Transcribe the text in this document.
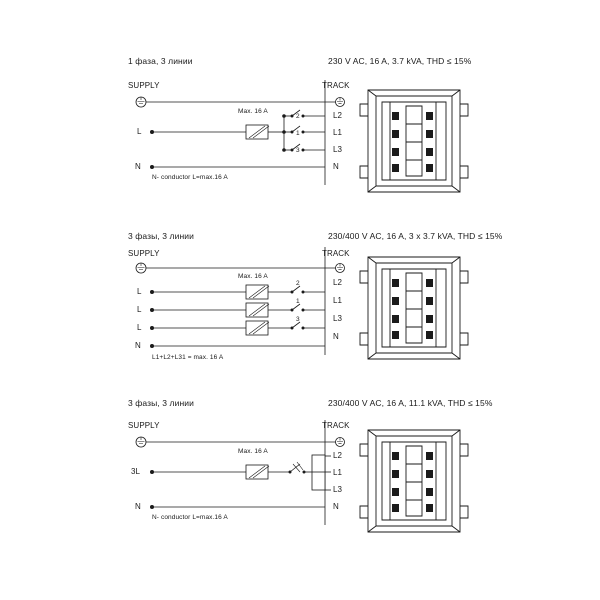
1 фаза, 3 линии	230 V AC, 16 A, 3.7 kVA, THD ≤ 15%
SUPPLY	TRACK
Max. 16 A
L
N
N- conductor L=max.16 A
L2
L1
L3
N
2
1
3
3 фазы, 3 линии	230/400 V AC, 16 A, 3 x 3.7 kVA, THD ≤ 15%
SUPPLY	TRACK
Max. 16 A
L
L
L
N
L1+L2+L31 = max. 16 A
L2
L1
L3
N
2
1
3
3 фазы, 3 линии	230/400 V AC, 16 A, 11.1 kVA, THD ≤ 15%
SUPPLY	TRACK
Max. 16 A
3L
N
N- conductor L=max.16 A
L2
L1
L3
N
